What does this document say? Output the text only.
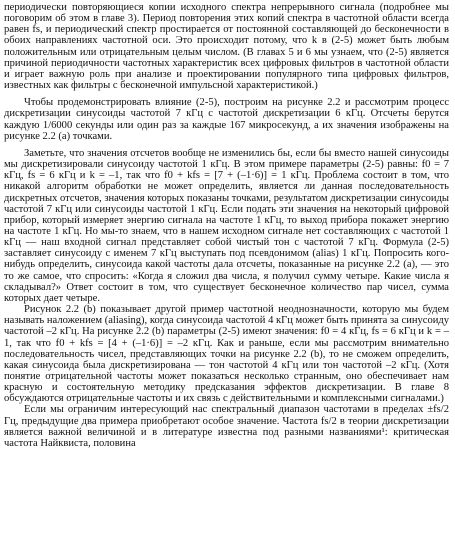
периодически повторяющиеся копии исходного спектра непрерывного сигнала (подробнее мы поговорим об этом в главе 3). Период повторения этих копий спектра в частотной области всегда равен fs, и периодический спектр простирается от постоянной составляющей до бесконечности в обоих направлениях частотной оси. Это происходит потому, что k в (2-5) может быть любым положительным или отрицательным целым числом. (В главах 5 и 6 мы узнаем, что (2-5) является причиной периодичности частотных характеристик всех цифровых фильтров в частотной области и играет важную роль при анализе и проектировании популярного типа цифровых фильтров, известных как фильтры с бесконечной импульсной характеристикой.)

Чтобы продемонстрировать влияние (2-5), построим на рисунке 2.2 и рассмотрим процесс дискретизации синусоиды частотой 7 кГц с частотой дискретизации 6 кГц. Отсчеты берутся каждую 1/6000 секунды или один раз за каждые 167 микросекунд, а их значения изображены на рисунке 2.2 (a) точками.

Заметьте, что значения отсчетов вообще не изменились бы, если бы вместо нашей синусоиды мы дискретизировали синусоиду частотой 1 кГц. В этом примере параметры (2-5) равны: f0 = 7 кГц, fs = 6 кГц и k = –1, так что f0 + kfs = [7 + (–1·6)] = 1 кГц. Проблема состоит в том, что никакой алгоритм обработки не может определить, является ли данная последовательность дискретных отсчетов, значения которых показаны точками, результатом дискретизации синусоиды частотой 7 кГц или синусоиды частотой 1 кГц. Если подать эти значения на некоторый цифровой прибор, который измеряет энергию сигнала на частоте 1 кГц, то выход прибора покажет энергию на частоте 1 кГц. Но мы-то знаем, что в нашем исходном сигнале нет составляющих с частотой 1 кГц — наш входной сигнал представляет собой чистый тон с частотой 7 кГц. Формула (2-5) заставляет синусоиду с именем 7 кГц выступать под псевдонимом (alias) 1 кГц. Попросить кого-нибудь определить, синусоида какой частоты дала отсчеты, показанные на рисунке 2.2 (a), — это то же самое, что спросить: «Когда я сложил два числа, я получил сумму четыре. Какие числа я складывал?» Ответ состоит в том, что существует бесконечное количество пар чисел, сумма которых дает четыре.

Рисунок 2.2 (b) показывает другой пример частотной неоднозначности, которую мы будем называть наложением (aliasing), когда синусоида частотой 4 кГц может быть принята за синусоиду частотой –2 кГц. На рисунке 2.2 (b) параметры (2-5) имеют значения: f0 = 4 кГц, fs = 6 кГц и k = –1, так что f0 + kfs = [4 + (–1·6)] = –2 кГц. Как и раньше, если мы рассмотрим внимательно последовательность чисел, представляющих точки на рисунке 2.2 (b), то не сможем определить, какая синусоида была дискретизирована — тон частотой 4 кГц или тон частотой –2 кГц. (Хотя понятие отрицательной частоты может показаться несколько странным, оно обеспечивает нам красную и состоятельную методику предсказания эффектов дискретизации. В главе 8 обсуждаются отрицательные частоты и их связь с действительными и комплексными сигналами.)

Если мы ограничим интересующий нас спектральный диапазон частотами в пределах ±fs/2 Гц, предыдущие два примера приобретают особое значение. Частота fs/2 в теории дискретизации является важной величиной и в литературе известна под разными названиями¹: критическая частота Найквиста, половина
